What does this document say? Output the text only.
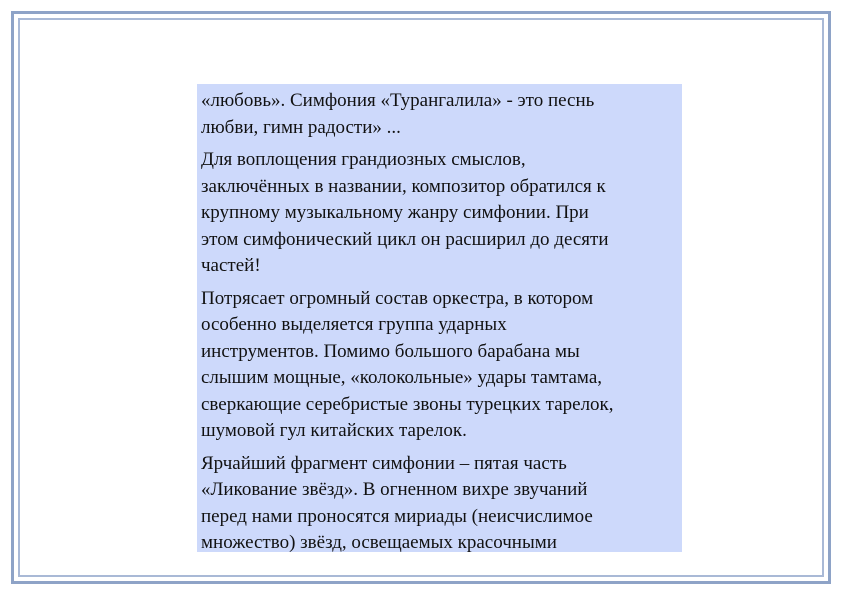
«любовь». Симфония «Турангалила» - это песнь
любви, гимн радости» ...

Для воплощения грандиозных смыслов,
заключённых в названии, композитор обратился к
крупному музыкальному жанру симфонии. При
этом симфонический цикл он расширил до десяти
частей!

Потрясает огромный состав оркестра, в котором
особенно выделяется группа ударных
инструментов. Помимо большого барабана мы
слышим мощные, «колокольные» удары тамтама,
сверкающие серебристые звоны турецких тарелок,
шумовой гул китайских тарелок.

Ярчайший фрагмент симфонии – пятая часть
«Ликование звёзд». В огненном вихре звучаний
перед нами проносятся мириады (неисчислимое
множество) звёзд, освещаемых красочными
